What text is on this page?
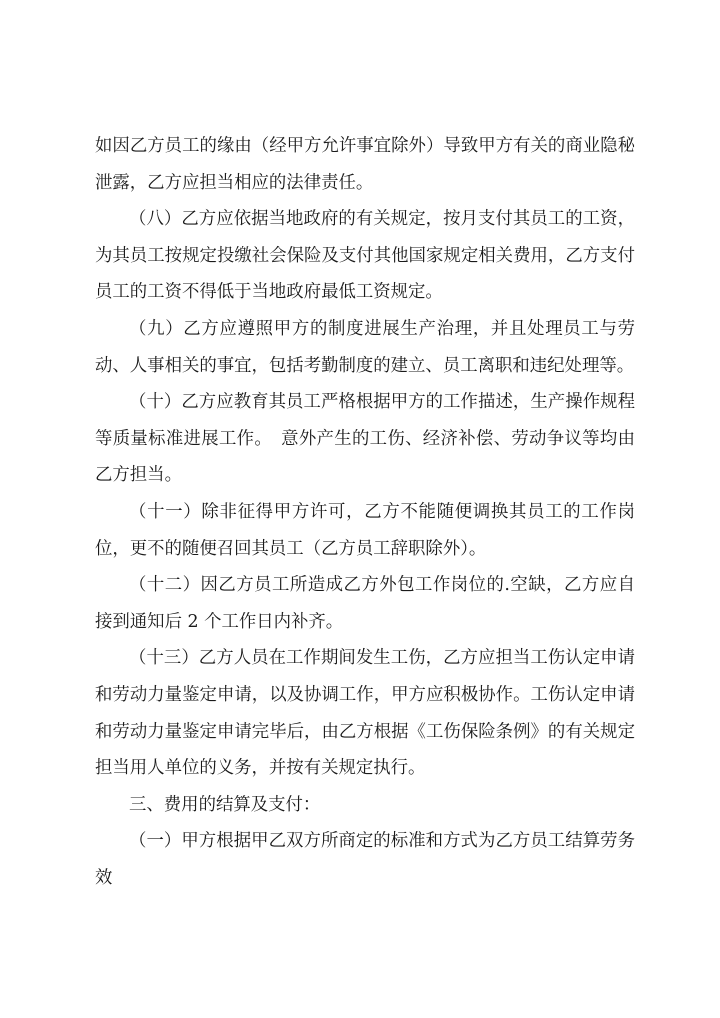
如因乙方员工的缘由（经甲方允许事宜除外）导致甲方有关的商业隐秘泄露，乙方应担当相应的法律责任。

（八）乙方应依据当地政府的有关规定，按月支付其员工的工资，为其员工按规定投缴社会保险及支付其他国家规定相关费用，乙方支付员工的工资不得低于当地政府最低工资规定。

（九）乙方应遵照甲方的制度进展生产治理，并且处理员工与劳动、人事相关的事宜，包括考勤制度的建立、员工离职和违纪处理等。

（十）乙方应教育其员工严格根据甲方的工作描述，生产操作规程等质量标准进展工作。　意外产生的工伤、经济补偿、劳动争议等均由乙方担当。

（十一）除非征得甲方许可，乙方不能随便调换其员工的工作岗位，更不的随便召回其员工（乙方员工辞职除外）。

（十二）因乙方员工所造成乙方外包工作岗位的.空缺，乙方应自接到通知后 2 个工作日内补齐。

（十三）乙方人员在工作期间发生工伤，乙方应担当工伤认定申请和劳动力量鉴定申请，以及协调工作，甲方应积极协作。工伤认定申请和劳动力量鉴定申请完毕后，由乙方根据《工伤保险条例》的有关规定担当用人单位的义务，并按有关规定执行。

三、费用的结算及支付：

（一）甲方根据甲乙双方所商定的标准和方式为乙方员工结算劳务效
